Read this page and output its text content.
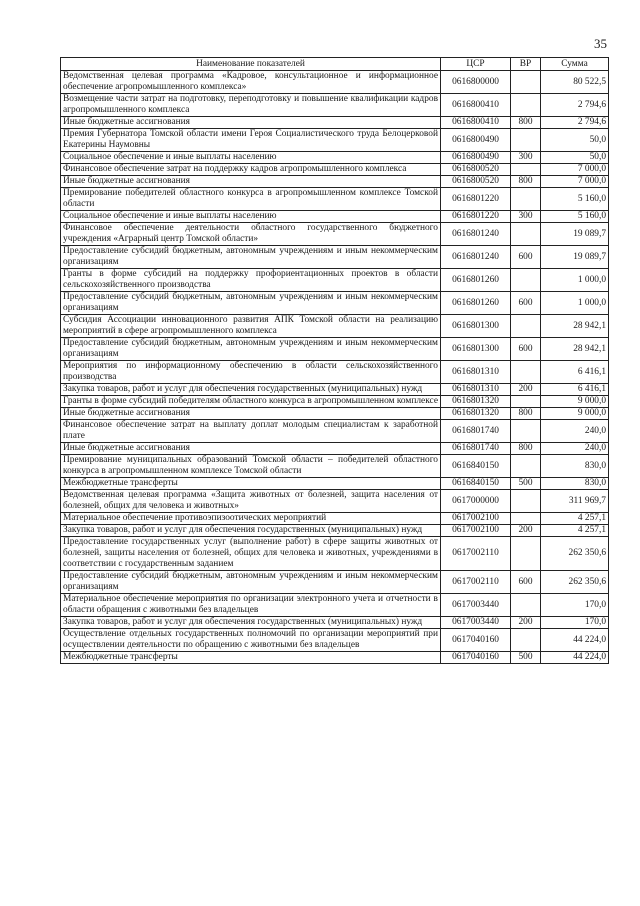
35
Наименование показателей	ЦСР	ВР	Сумма
Ведомственная целевая программа «Кадровое, консультационное и информационное обеспечение агропромышленного комплекса»	0616800000		80 522,5
Возмещение части затрат на подготовку, переподготовку и повышение квалификации кадров агропромышленного комплекса	0616800410		2 794,6
Иные бюджетные ассигнования	0616800410	800	2 794,6
Премия Губернатора Томской области имени Героя Социалистического труда Белоцерковой Екатерины Наумовны	0616800490		50,0
Социальное обеспечение и иные выплаты населению	0616800490	300	50,0
Финансовое обеспечение затрат на поддержку кадров агропромышленного комплекса	0616800520		7 000,0
Иные бюджетные ассигнования	0616800520	800	7 000,0
Премирование победителей областного конкурса в агропромышленном комплексе Томской области	0616801220		5 160,0
Социальное обеспечение и иные выплаты населению	0616801220	300	5 160,0
Финансовое обеспечение деятельности областного государственного бюджетного учреждения «Аграрный центр Томской области»	0616801240		19 089,7
Предоставление субсидий бюджетным, автономным учреждениям и иным некоммерческим организациям	0616801240	600	19 089,7
Гранты в форме субсидий на поддержку профориентационных проектов в области сельскохозяйственного производства	0616801260		1 000,0
Предоставление субсидий бюджетным, автономным учреждениям и иным некоммерческим организациям	0616801260	600	1 000,0
Субсидия Ассоциации инновационного развития АПК Томской области на реализацию мероприятий в сфере агропромышленного комплекса	0616801300		28 942,1
Предоставление субсидий бюджетным, автономным учреждениям и иным некоммерческим организациям	0616801300	600	28 942,1
Мероприятия по информационному обеспечению в области сельскохозяйственного производства	0616801310		6 416,1
Закупка товаров, работ и услуг для обеспечения государственных (муниципальных) нужд	0616801310	200	6 416,1
Гранты в форме субсидий победителям областного конкурса в агропромышленном комплексе	0616801320		9 000,0
Иные бюджетные ассигнования	0616801320	800	9 000,0
Финансовое обеспечение затрат на выплату доплат молодым специалистам к заработной плате	0616801740		240,0
Иные бюджетные ассигнования	0616801740	800	240,0
Премирование муниципальных образований Томской области – победителей областного конкурса в агропромышленном комплексе Томской области	0616840150		830,0
Межбюджетные трансферты	0616840150	500	830,0
Ведомственная целевая программа «Защита животных от болезней, защита населения от болезней, общих для человека и животных»	0617000000		311 969,7
Материальное обеспечение противоэпизоотических мероприятий	0617002100		4 257,1
Закупка товаров, работ и услуг для обеспечения государственных (муниципальных) нужд	0617002100	200	4 257,1
Предоставление государственных услуг (выполнение работ) в сфере защиты животных от болезней, защиты населения от болезней, общих для человека и животных, учреждениями в соответствии с государственным заданием	0617002110		262 350,6
Предоставление субсидий бюджетным, автономным учреждениям и иным некоммерческим организациям	0617002110	600	262 350,6
Материальное обеспечение мероприятия по организации электронного учета и отчетности в области обращения с животными без владельцев	0617003440		170,0
Закупка товаров, работ и услуг для обеспечения государственных (муниципальных) нужд	0617003440	200	170,0
Осуществление отдельных государственных полномочий по организации мероприятий при осуществлении деятельности по обращению с животными без владельцев	0617040160		44 224,0
Межбюджетные трансферты	0617040160	500	44 224,0
